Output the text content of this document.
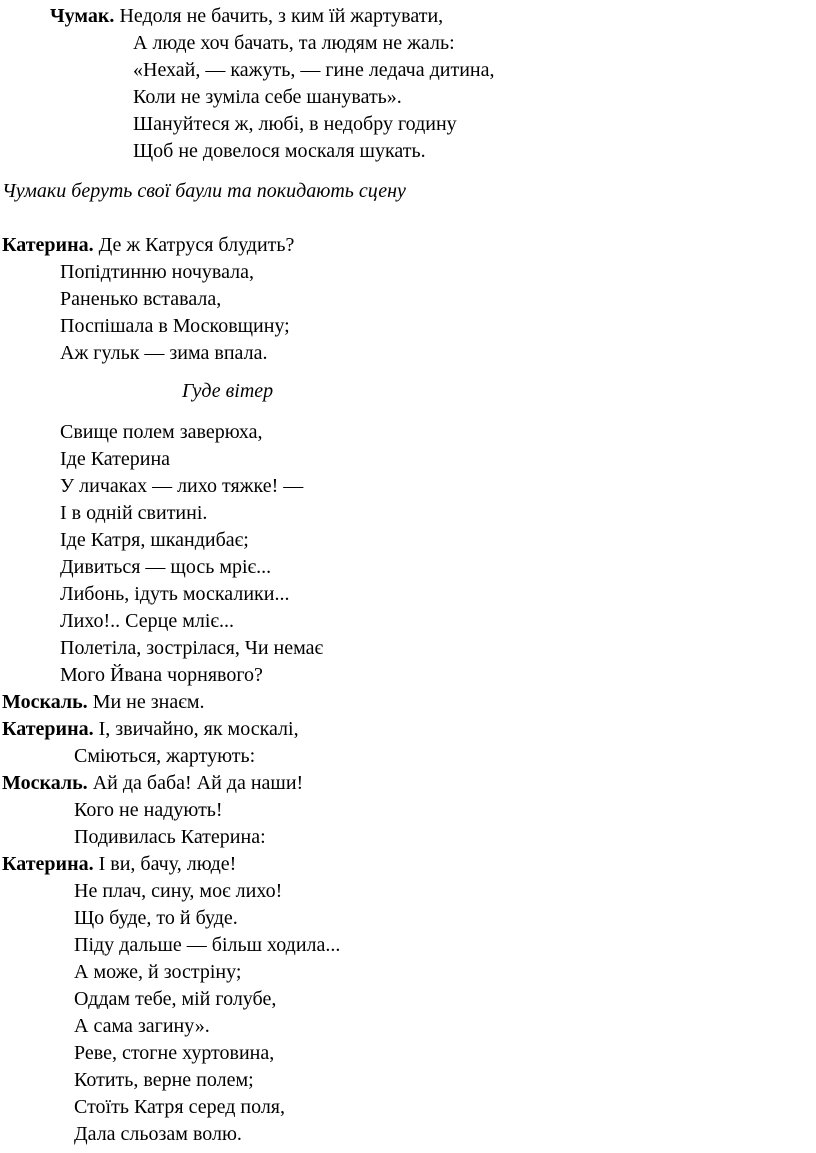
Чумак. Недоля не бачить, з ким їй жартувати,
А люде хоч бачать, та людям не жаль:
«Нехай, — кажуть, — гине ледача дитина,
Коли не зуміла себе шанувать».
Шануйтеся ж, любі, в недобру годину
Щоб не довелося москаля шукать.
Чумаки беруть свої баули та покидають сцену
Катерина. Де ж Катруся блудить?
Попідтинню ночувала,
Раненько вставала,
Поспішала в Московщину;
Аж гульк — зима впала.
Гуде вітер
Свище полем заверюха,
Іде Катерина
У личаках — лихо тяжке! —
І в одній свитині.
Іде Катря, шкандибає;
Дивиться — щось мріє...
Либонь, ідуть москалики...
Лихо!.. Серце мліє...
Полетіла, зострілася, Чи немає
Мого Йвана чорнявого?
Москаль. Ми не знаєм.
Катерина. І, звичайно, як москалі,
Сміються, жартують:
Москаль. Ай да баба! Ай да наши!
Кого не надують!
Подивилась Катерина:
Катерина. І ви, бачу, люде!
Не плач, сину, моє лихо!
Що буде, то й буде.
Піду дальше — більш ходила...
А може, й зостріну;
Оддам тебе, мій голубе,
А сама загину».
Реве, стогне хуртовина,
Котить, верне полем;
Стоїть Катря серед поля,
Дала сльозам волю.
